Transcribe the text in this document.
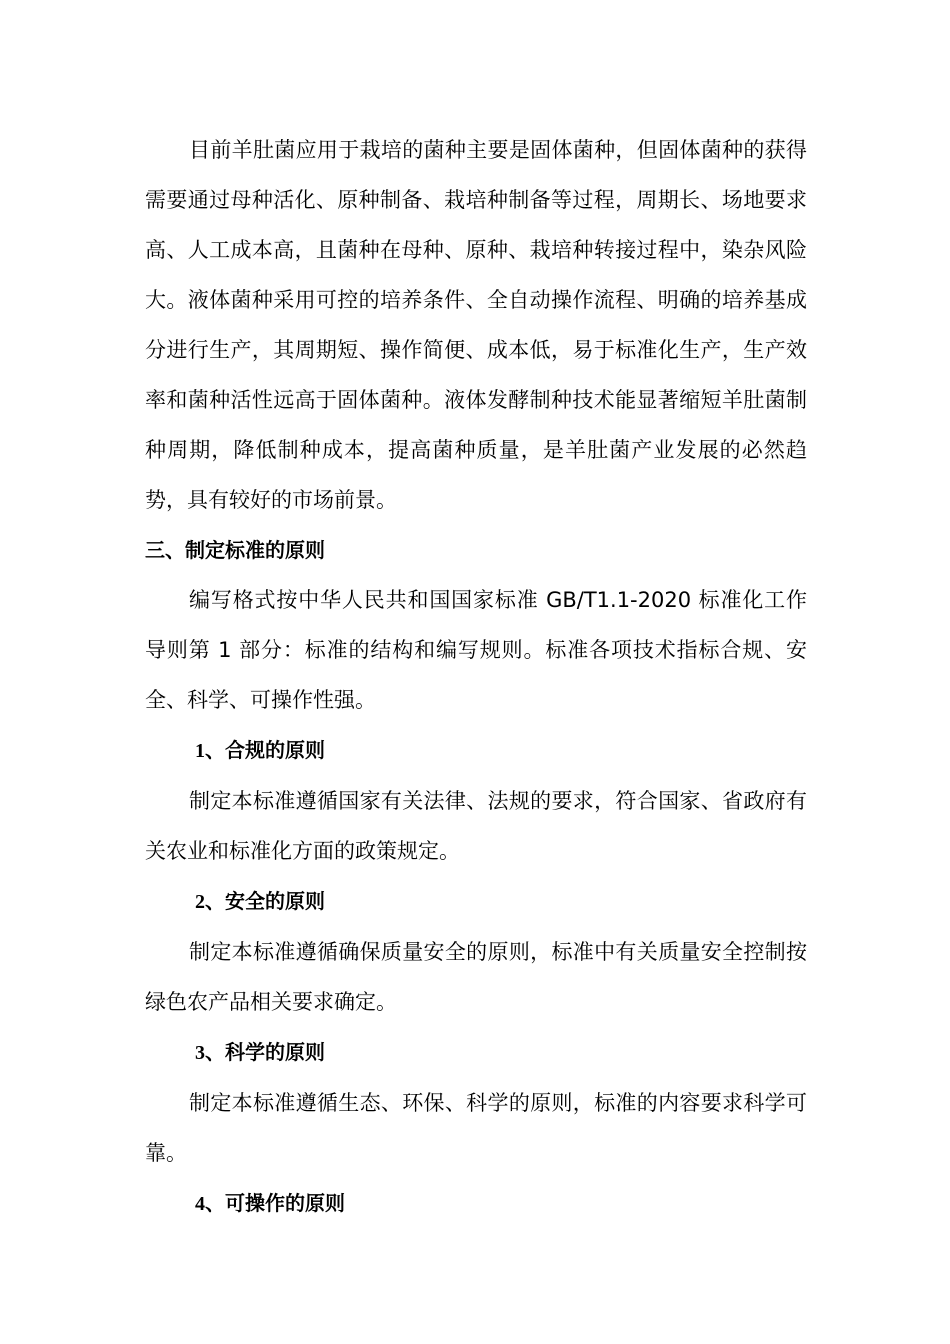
目前羊肚菌应用于栽培的菌种主要是固体菌种，但固体菌种的获得需要通过母种活化、原种制备、栽培种制备等过程，周期长、场地要求高、人工成本高，且菌种在母种、原种、栽培种转接过程中，染杂风险大。液体菌种采用可控的培养条件、全自动操作流程、明确的培养基成分进行生产，其周期短、操作简便、成本低，易于标准化生产，生产效率和菌种活性远高于固体菌种。液体发酵制种技术能显著缩短羊肚菌制种周期，降低制种成本，提高菌种质量，是羊肚菌产业发展的必然趋势，具有较好的市场前景。

三、制定标准的原则

编写格式按中华人民共和国国家标准 GB/T1.1-2020 标准化工作导则第 1 部分：标准的结构和编写规则。标准各项技术指标合规、安全、科学、可操作性强。

1、合规的原则

制定本标准遵循国家有关法律、法规的要求，符合国家、省政府有关农业和标准化方面的政策规定。

2、安全的原则

制定本标准遵循确保质量安全的原则，标准中有关质量安全控制按绿色农产品相关要求确定。

3、科学的原则

制定本标准遵循生态、环保、科学的原则，标准的内容要求科学可靠。

4、可操作的原则
